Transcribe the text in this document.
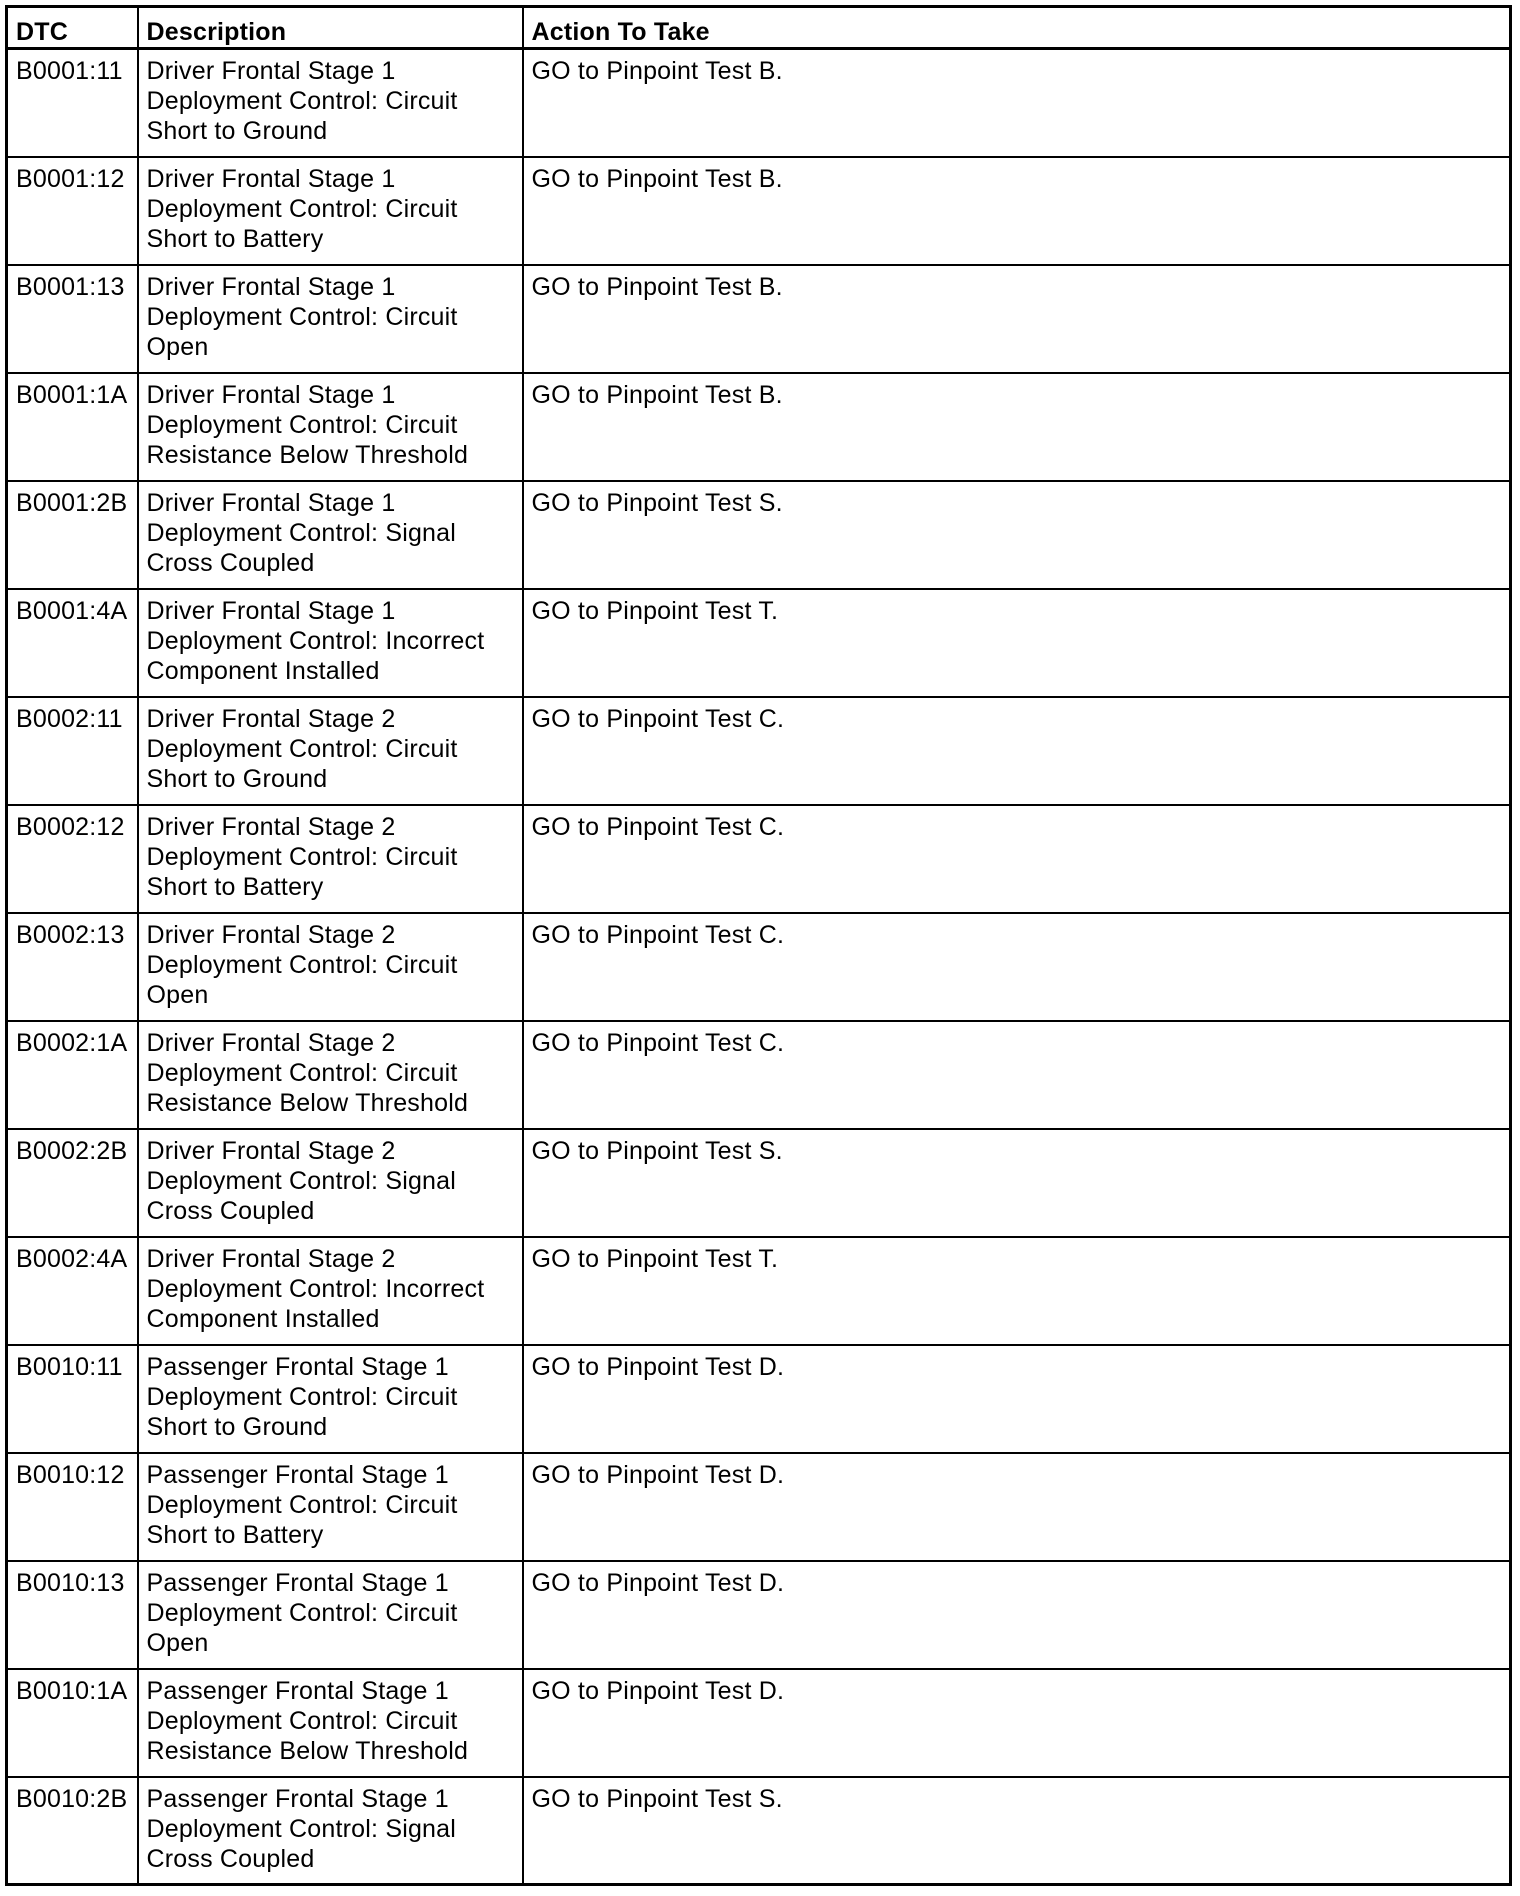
DTC	Description	Action To Take
B0001:11	Driver Frontal Stage 1
Deployment Control: Circuit
Short to Ground	GO to Pinpoint Test B.
B0001:12	Driver Frontal Stage 1
Deployment Control: Circuit
Short to Battery	GO to Pinpoint Test B.
B0001:13	Driver Frontal Stage 1
Deployment Control: Circuit
Open	GO to Pinpoint Test B.
B0001:1A	Driver Frontal Stage 1
Deployment Control: Circuit
Resistance Below Threshold	GO to Pinpoint Test B.
B0001:2B	Driver Frontal Stage 1
Deployment Control: Signal
Cross Coupled	GO to Pinpoint Test S.
B0001:4A	Driver Frontal Stage 1
Deployment Control: Incorrect
Component Installed	GO to Pinpoint Test T.
B0002:11	Driver Frontal Stage 2
Deployment Control: Circuit
Short to Ground	GO to Pinpoint Test C.
B0002:12	Driver Frontal Stage 2
Deployment Control: Circuit
Short to Battery	GO to Pinpoint Test C.
B0002:13	Driver Frontal Stage 2
Deployment Control: Circuit
Open	GO to Pinpoint Test C.
B0002:1A	Driver Frontal Stage 2
Deployment Control: Circuit
Resistance Below Threshold	GO to Pinpoint Test C.
B0002:2B	Driver Frontal Stage 2
Deployment Control: Signal
Cross Coupled	GO to Pinpoint Test S.
B0002:4A	Driver Frontal Stage 2
Deployment Control: Incorrect
Component Installed	GO to Pinpoint Test T.
B0010:11	Passenger Frontal Stage 1
Deployment Control: Circuit
Short to Ground	GO to Pinpoint Test D.
B0010:12	Passenger Frontal Stage 1
Deployment Control: Circuit
Short to Battery	GO to Pinpoint Test D.
B0010:13	Passenger Frontal Stage 1
Deployment Control: Circuit
Open	GO to Pinpoint Test D.
B0010:1A	Passenger Frontal Stage 1
Deployment Control: Circuit
Resistance Below Threshold	GO to Pinpoint Test D.
B0010:2B	Passenger Frontal Stage 1
Deployment Control: Signal
Cross Coupled	GO to Pinpoint Test S.
